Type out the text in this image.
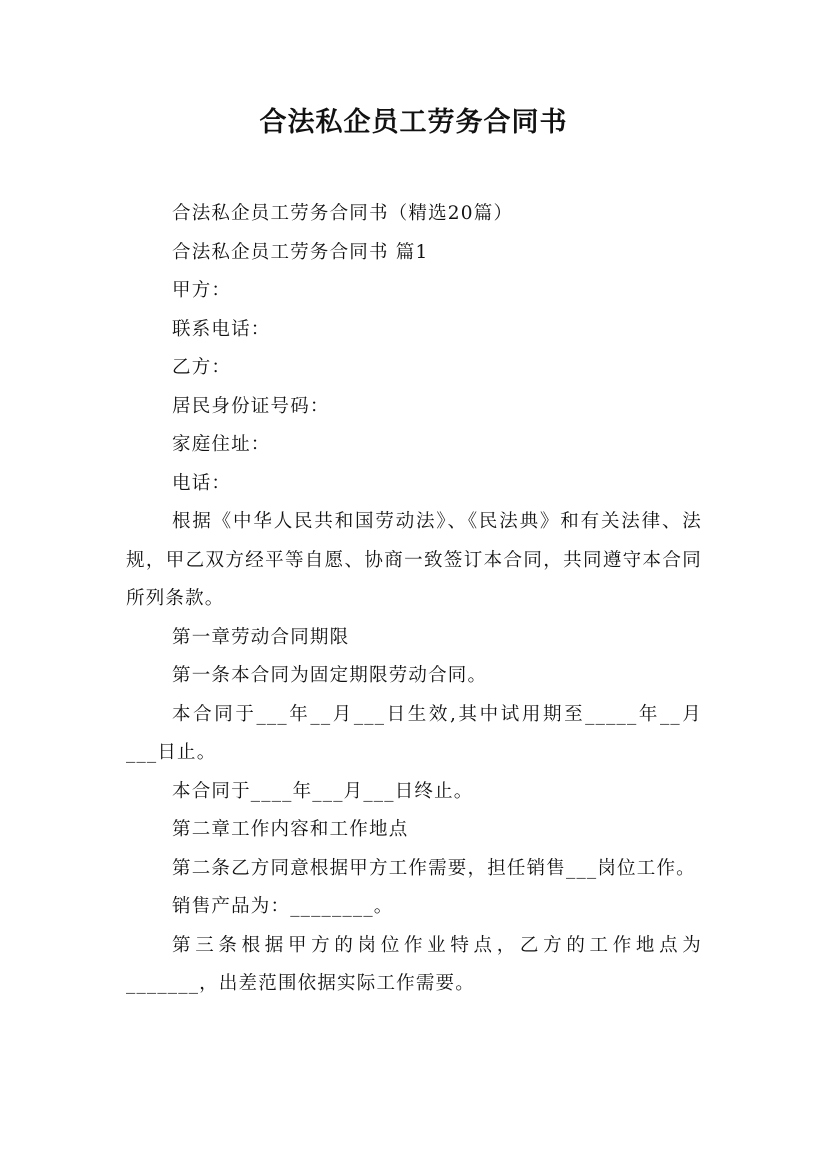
合法私企员工劳务合同书

合法私企员工劳务合同书（精选20篇）

合法私企员工劳务合同书 篇1

甲方：

联系电话：

乙方：

居民身份证号码：

家庭住址：

电话：

根据《中华人民共和国劳动法》、《民法典》和有关法律、法规，甲乙双方经平等自愿、协商一致签订本合同，共同遵守本合同所列条款。

第一章劳动合同期限

第一条本合同为固定期限劳动合同。

本合同于___年__月___日生效,其中试用期至_____年__月___日止。

本合同于____年___月___日终止。

第二章工作内容和工作地点

第二条乙方同意根据甲方工作需要，担任销售___岗位工作。

销售产品为：________。

第三条根据甲方的岗位作业特点，乙方的工作地点为_______，出差范围依据实际工作需要。
